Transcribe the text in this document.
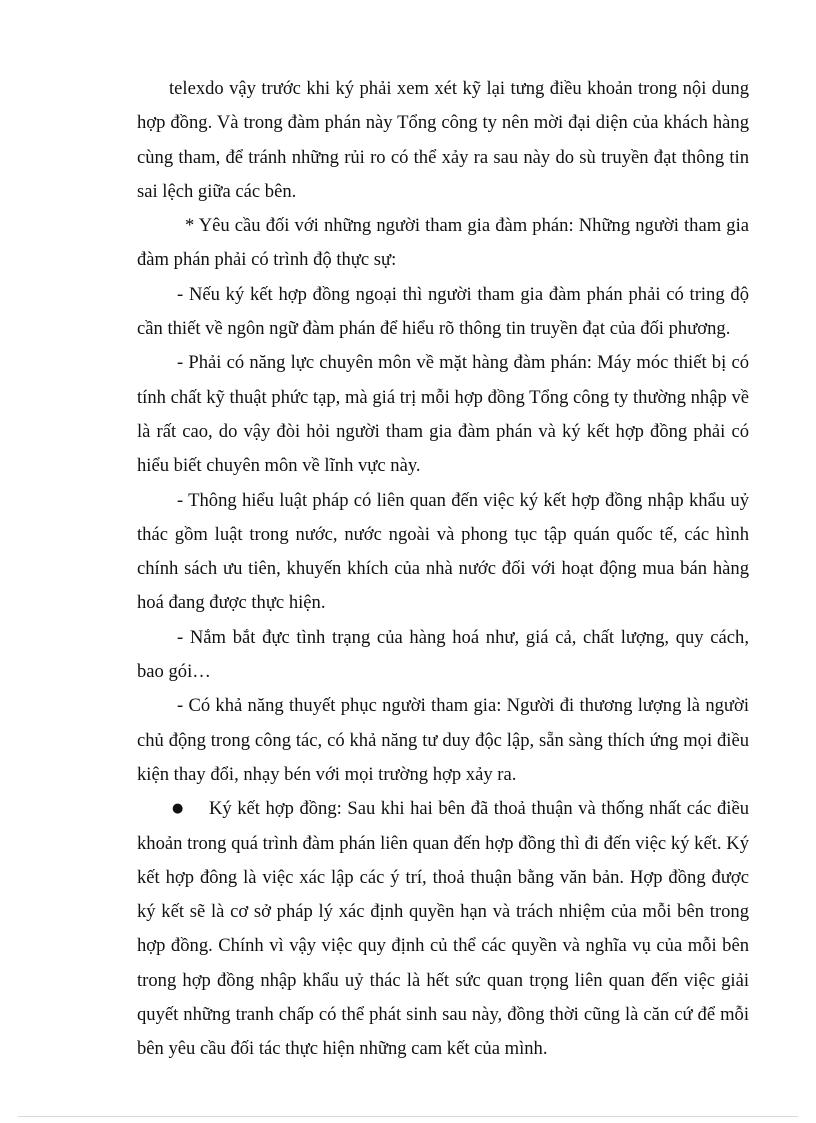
telexdo vậy trước khi ký phải xem xét kỹ lại tưng điều khoản trong nội dung hợp đồng. Và trong đàm phán này Tổng công ty nên mời đại diện của khách hàng cùng tham, để tránh những rủi ro có thể xảy ra sau này do sù truyền đạt thông tin sai lệch giữa các bên.

* Yêu cầu đối với những người tham gia đàm phán: Những người tham gia đàm phán phải có trình độ thực sự:

- Nếu ký kết hợp đồng ngoại thì người tham gia đàm phán phải có tring độ cần thiết về ngôn ngữ đàm phán để hiểu rõ thông tin truyền đạt của đối phương.

- Phải có năng lực chuyên môn về mặt hàng đàm phán: Máy móc thiết bị có tính chất kỹ thuật phức tạp, mà giá trị mỗi hợp đồng Tổng công ty thường nhập về là rất cao, do vậy đòi hỏi người tham gia đàm phán và ký kết hợp đồng phải có hiểu biết chuyên môn về lĩnh vực này.

- Thông hiểu luật pháp có liên quan đến việc ký kết hợp đồng nhập khẩu uỷ thác gồm luật trong nước, nước ngoài và phong tục tập quán quốc tế, các hình chính sách ưu tiên, khuyến khích của nhà nước đối với hoạt động mua bán hàng hoá đang được thực hiện.

- Nắm bắt đực tình trạng của hàng hoá như, giá cả, chất lượng, quy cách, bao gói…

- Có khả năng thuyết phục người tham gia: Người đi thương lượng là người chủ động trong công tác, có khả năng tư duy độc lập, sẵn sàng thích ứng mọi điều kiện thay đổi, nhạy bén với mọi trường hợp xảy ra.

● Ký kết hợp đồng: Sau khi hai bên đã thoả thuận và thống nhất các điều khoản trong quá trình đàm phán liên quan đến hợp đồng thì đi đến việc ký kết. Ký kết hợp đông là việc xác lập các ý trí, thoả thuận bằng văn bản. Hợp đồng được ký kết sẽ là cơ sở pháp lý xác định quyền hạn và trách nhiệm của mỗi bên trong hợp đồng. Chính vì vậy việc quy định củ thể các quyền và nghĩa vụ của mỗi bên trong hợp đồng nhập khẩu uỷ thác là hết sức quan trọng liên quan đến việc giải quyết những tranh chấp có thể phát sinh sau này, đồng thời cũng là căn cứ để mỗi bên yêu cầu đối tác thực hiện những cam kết của mình.
